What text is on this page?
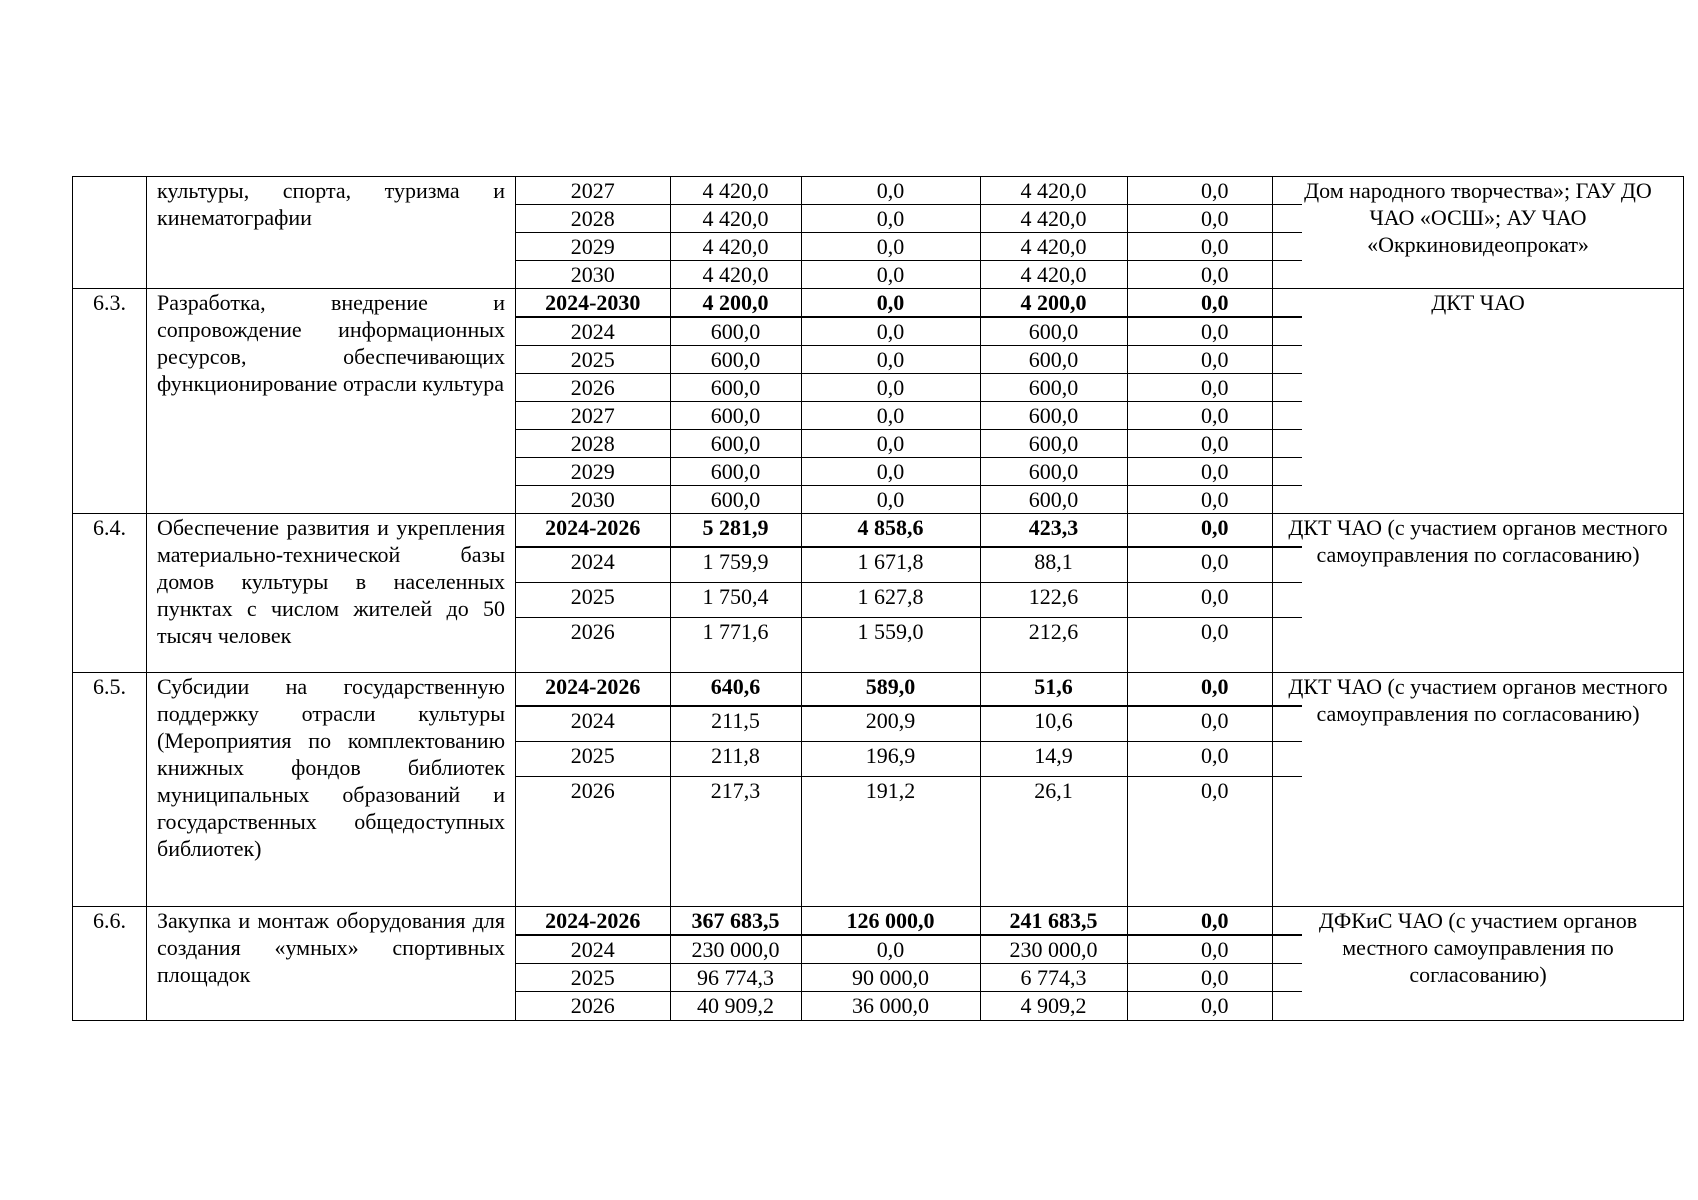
	культуры, спорта, туризма и кинематографии	
2027	4 420,0	0,0	4 420,0	0,0
2028	4 420,0	0,0	4 420,0	0,0
2029	4 420,0	0,0	4 420,0	0,0
2030	4 420,0	0,0	4 420,0	0,0
	Дом народного творчества»; ГАУ ДО ЧАО «ОСШ»; АУ ЧАО «Окркиновидеопрокат»
6.3.	Разработка, внедрение и сопровождение информационных ресурсов, обеспечивающих функционирование отрасли культура	
2024-2030	4 200,0	0,0	4 200,0	0,0
2024	600,0	0,0	600,0	0,0
2025	600,0	0,0	600,0	0,0
2026	600,0	0,0	600,0	0,0
2027	600,0	0,0	600,0	0,0
2028	600,0	0,0	600,0	0,0
2029	600,0	0,0	600,0	0,0
2030	600,0	0,0	600,0	0,0
	ДКТ ЧАО
6.4.	Обеспечение развития и укрепления материально-технической базы домов культуры в населенных пунктах с числом жителей до 50 тысяч человек	
2024-2026	5 281,9	4 858,6	423,3	0,0
2024	1 759,9	1 671,8	88,1	0,0
2025	1 750,4	1 627,8	122,6	0,0
2026	1 771,6	1 559,0	212,6	0,0
	ДКТ ЧАО (с участием органов местного самоуправления по согласованию)
6.5.	Субсидии на государственную поддержку отрасли культуры (Мероприятия по комплектованию книжных фондов библиотек муниципальных образований и государственных общедоступных библиотек)	
2024-2026	640,6	589,0	51,6	0,0
2024	211,5	200,9	10,6	0,0
2025	211,8	196,9	14,9	0,0
2026	217,3	191,2	26,1	0,0
	ДКТ ЧАО (с участием органов местного самоуправления по согласованию)
6.6.	Закупка и монтаж оборудования для создания «умных» спортивных площадок	
2024-2026	367 683,5	126 000,0	241 683,5	0,0
2024	230 000,0	0,0	230 000,0	0,0
2025	96 774,3	90 000,0	6 774,3	0,0
2026	40 909,2	36 000,0	4 909,2	0,0
	ДФКиС ЧАО (с участием органов местного самоуправления по согласованию)
